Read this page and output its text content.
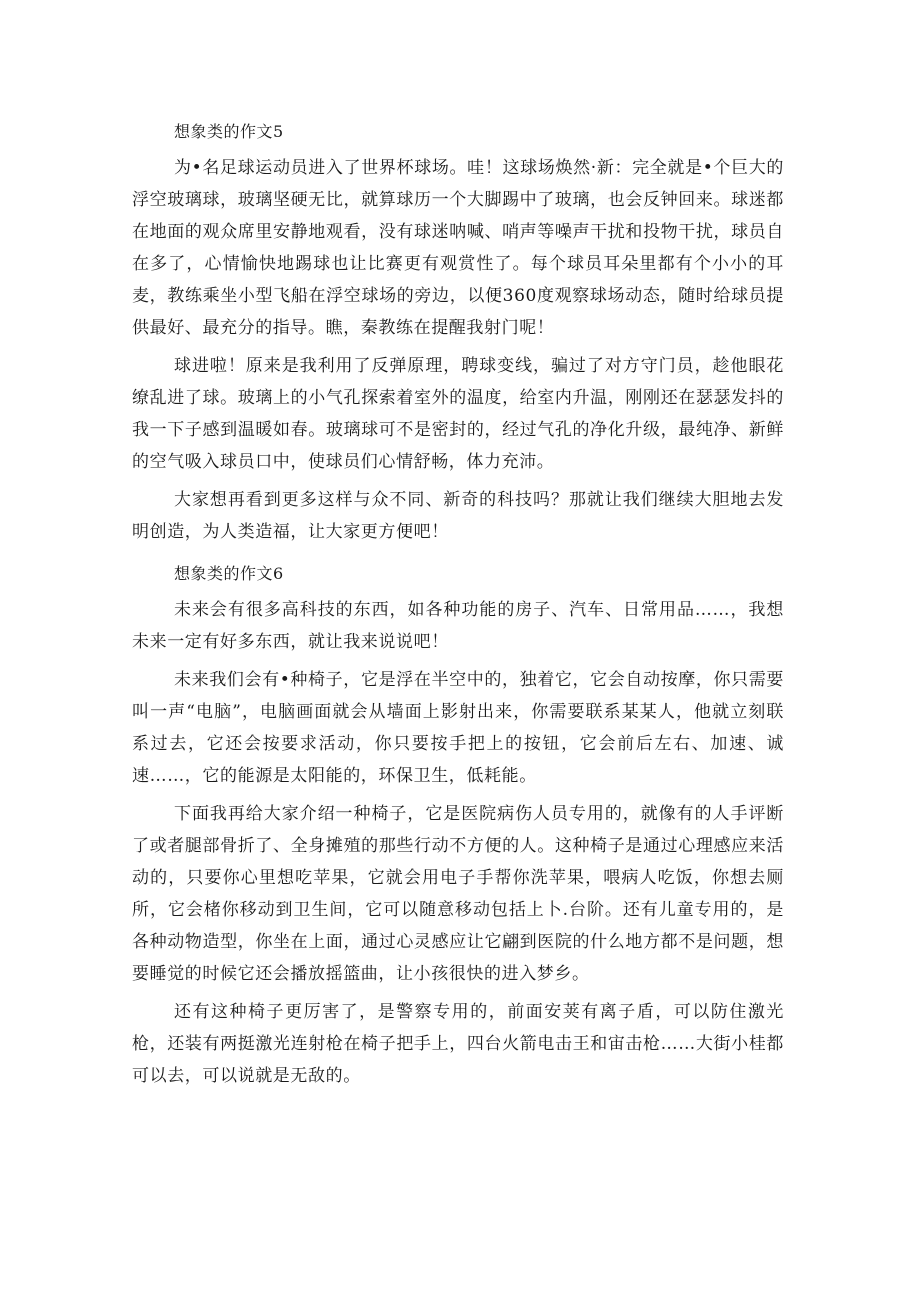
想象类的作文5

为•名足球运动员进入了世界杯球场。哇！这球场焕然·新：完全就是•个巨大的浮空玻璃球，玻璃坚硬无比，就算球历一个大脚踢中了玻璃，也会反钟回来。球迷都在地面的观众席里安静地观看，没有球迷呐喊、哨声等噪声干扰和投物干扰，球员自在多了，心情愉快地踢球也让比赛更有观赏性了。每个球员耳朵里都有个小小的耳麦，教练乘坐小型飞船在浮空球场的旁边，以便360度观察球场动态，随时给球员提供最好、最充分的指导。瞧，秦教练在提醒我射门呢！

球进啦！原来是我利用了反弹原理，聘球变线，骗过了对方守门员，趁他眼花缭乱进了球。玻璃上的小气孔探索着室外的温度，给室内升温，刚刚还在瑟瑟发抖的我一下子感到温暖如春。玻璃球可不是密封的，经过气孔的净化升级，最纯净、新鲜的空气吸入球员口中，使球员们心情舒畅，体力充沛。

大家想再看到更多这样与众不同、新奇的科技吗？那就让我们继续大胆地去发明创造，为人类造福，让大家更方便吧！

想象类的作文6

未来会有很多高科技的东西，如各种功能的房子、汽车、日常用品……，我想未来一定有好多东西，就让我来说说吧！

未来我们会有•种椅子，它是浮在半空中的，独着它，它会自动按摩，你只需要叫一声“电脑”，电脑画面就会从墙面上影射出来，你需要联系某某人，他就立刻联系过去，它还会按要求活动，你只要按手把上的按钮，它会前后左右、加速、诚速……，它的能源是太阳能的，环保卫生，低耗能。

下面我再给大家介绍一种椅子，它是医院病伤人员专用的，就像有的人手评断了或者腿部骨折了、全身摊殖的那些行动不方便的人。这种椅子是通过心理感应来活动的，只要你心里想吃苹果，它就会用电子手帮你洗苹果，喂病人吃饭，你想去厕所，它会楮你移动到卫生间，它可以随意移动包括上卜.台阶。还有儿童专用的，是各种动物造型，你坐在上面，通过心灵感应让它翩到医院的什么地方都不是问题，想要睡觉的时候它还会播放摇篮曲，让小孩很快的进入梦乡。

还有这种椅子更厉害了，是警察专用的，前面安荚有离子盾，可以防住激光枪，还装有两挺激光连射枪在椅子把手上，四台火箭电击王和宙击枪……大街小桂都可以去，可以说就是无敌的。
